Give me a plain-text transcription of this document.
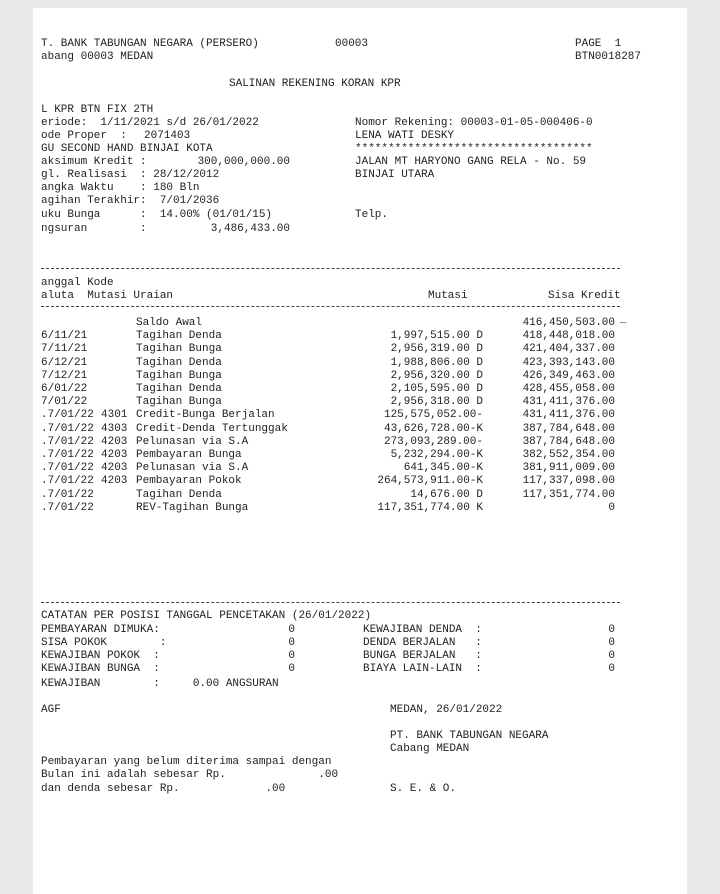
T. BANK TABUNGAN NEGARA (PERSERO)	00003	PAGE  1
abang 00003 MEDAN	BTN0018287
SALINAN REKENING KORAN KPR
L KPR BTN FIX 2TH
eriode:  1/11/2021 s/d 26/01/2022
ode Proper  : 2071403
GU SECOND HAND BINJAI KOTA
aksimum Kredit :	300,000,000.00
gl. Realisasi  : 28/12/2012
angka Waktu    : 180 Bln
agihan Terakhir:  7/01/2036
uku Bunga      :  14.00% (01/01/15)
ngsuran        :	3,486,433.00
Nomor Rekening: 00003-01-05-000406-0
LENA WATI DESKY
************************************
JALAN MT HARYONO GANG RELA - No. 59
BINJAI UTARA
Telp.
anggal Kode
aluta  Mutasi Uraian	Mutasi	Sisa Kredit
Saldo Awal	416,450,503.00
6/11/21	Tagihan Denda	1,997,515.00 D	418,448,018.00
7/11/21	Tagihan Bunga	2,956,319.00 D	421,404,337.00
6/12/21	Tagihan Denda	1,988,806.00 D	423,393,143.00
7/12/21	Tagihan Bunga	2,956,320.00 D	426,349,463.00
6/01/22	Tagihan Denda	2,105,595.00 D	428,455,058.00
7/01/22	Tagihan Bunga	2,956,318.00 D	431,411,376.00
.7/01/22 4301 Credit-Bunga Berjalan	125,575,052.00-	431,411,376.00
.7/01/22 4303 Credit-Denda Tertunggak	43,626,728.00-K	387,784,648.00
.7/01/22 4203 Pelunasan via S.A	273,093,289.00-	387,784,648.00
.7/01/22 4203 Pembayaran Bunga	5,232,294.00-K	382,552,354.00
.7/01/22 4203 Pelunasan via S.A	641,345.00-K	381,911,009.00
.7/01/22 4203 Pembayaran Pokok	264,573,911.00-K	117,337,098.00
.7/01/22	Tagihan Denda	14,676.00 D	117,351,774.00
.7/01/22	REV-Tagihan Bunga	117,351,774.00 K	0
_
CATATAN PER POSISI TANGGAL PENCETAKAN (26/01/2022)
PEMBAYARAN DIMUKA:	0
SISA POKOK        :	0
KEWAJIBAN POKOK  :	0
KEWAJIBAN BUNGA  :	0
KEWAJIBAN DENDA  :	0
DENDA BERJALAN   :	0
BUNGA BERJALAN   :	0
BIAYA LAIN-LAIN  :	0
KEWAJIBAN        :     0.00 ANGSURAN
AGF	MEDAN, 26/01/2022
PT. BANK TABUNGAN NEGARA
Cabang MEDAN
Pembayaran yang belum diterima sampai dengan
Bulan ini adalah sebesar Rp.              .00
dan denda sebesar Rp.             .00	S. E. & O.
